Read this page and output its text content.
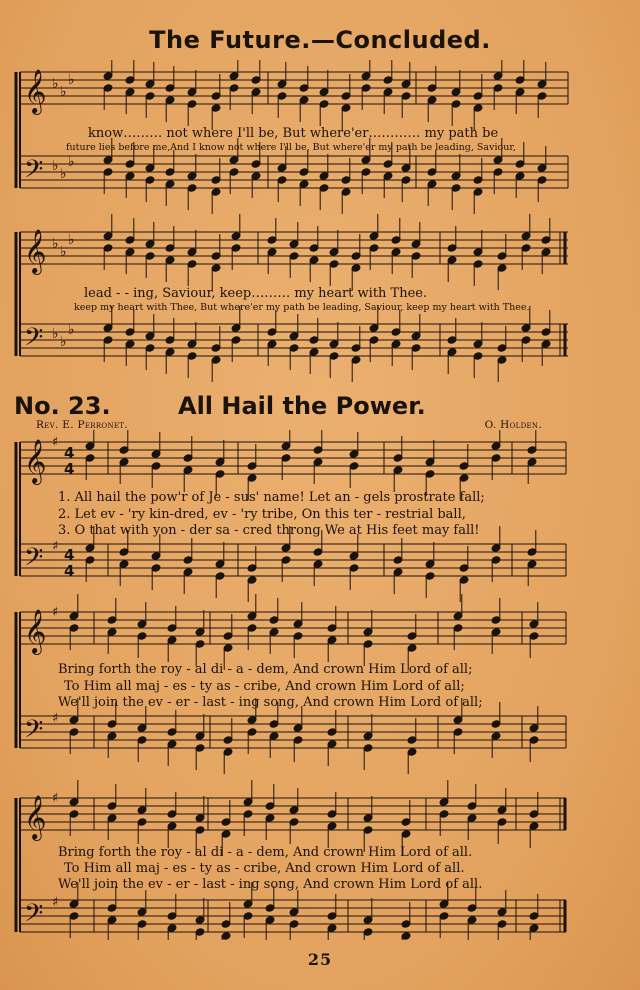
The Future.—Concluded.
𝄞
𝄢
𝄞
𝄢
♭ ♭
♭
♭ ♭
♭
♭ ♭
♭
♭ ♭
♭
know……… not where I'll be, But where'er………… my path be
future lies before me,And I know not where I'll be, But where'er my path be leading, Saviour,
lead - - ing, Saviour, keep……… my heart with Thee.
keep my heart with Thee, But where'er my path be leading, Saviour, keep my heart with Thee.
No. 23.	All Hail the Power.
Rev. E. Perronet.	O. Holden.
𝄞
𝄢
𝄞
𝄢
𝄞
𝄢
♯
♯
♯
♯
♯
♯
4
4
4
4
1. All hail the pow'r of Je - sus' name! Let an - gels prostrate fall;
2. Let ev - 'ry kin-dred, ev - 'ry tribe, On this ter - restrial ball,
3. O that with yon - der sa - cred throng We at His feet may fall!
Bring forth the roy - al di - a - dem, And crown Him Lord of all;
To Him all maj - es - ty as - cribe, And crown Him Lord of all;
We'll join the ev - er - last - ing song, And crown Him Lord of all;
Bring forth the roy - al di - a - dem, And crown Him Lord of all.
To Him all maj - es - ty as - cribe, And crown Him Lord of all.
We'll join the ev - er - last - ing song, And crown Him Lord of all.
25
